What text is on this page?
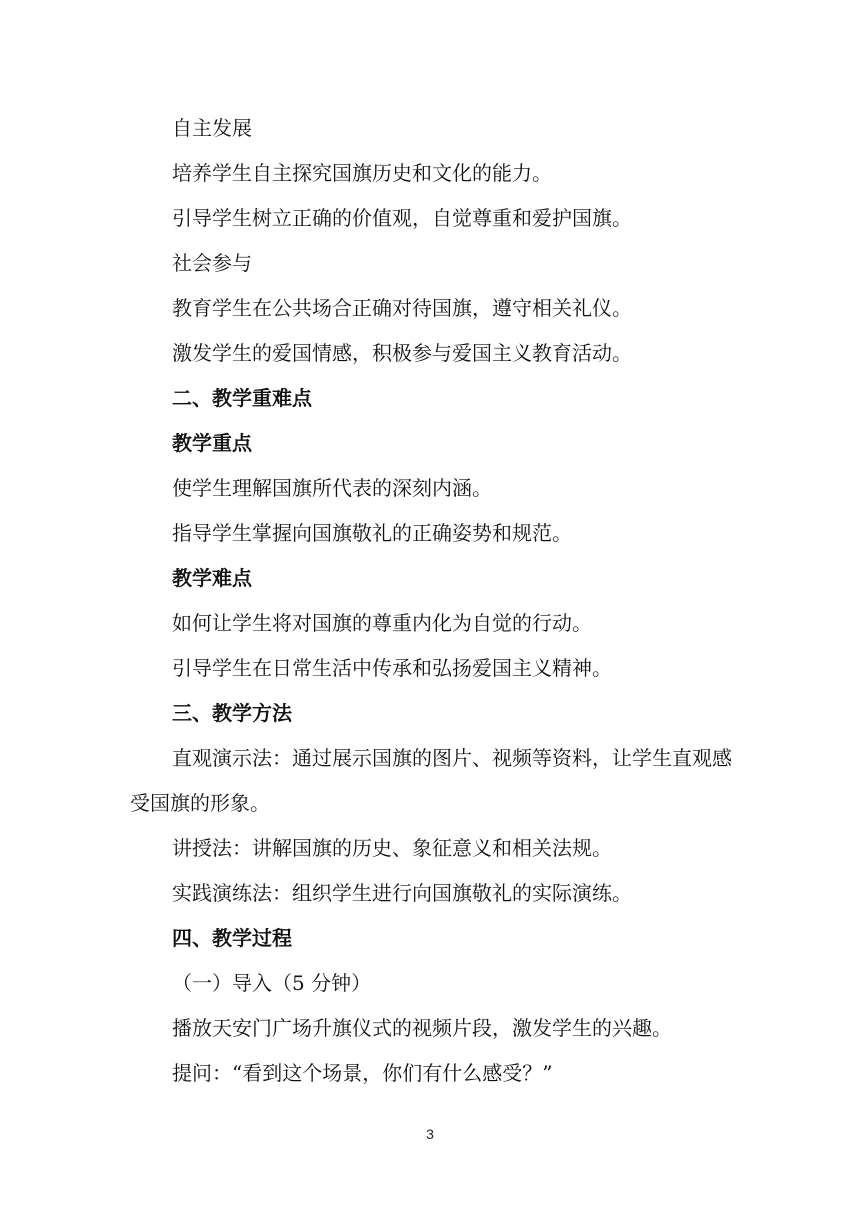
自主发展
培养学生自主探究国旗历史和文化的能力。
引导学生树立正确的价值观，自觉尊重和爱护国旗。
社会参与
教育学生在公共场合正确对待国旗，遵守相关礼仪。
激发学生的爱国情感，积极参与爱国主义教育活动。
二、教学重难点
教学重点
使学生理解国旗所代表的深刻内涵。
指导学生掌握向国旗敬礼的正确姿势和规范。
教学难点
如何让学生将对国旗的尊重内化为自觉的行动。
引导学生在日常生活中传承和弘扬爱国主义精神。
三、教学方法
直观演示法：通过展示国旗的图片、视频等资料，让学生直观感
受国旗的形象。
讲授法：讲解国旗的历史、象征意义和相关法规。
实践演练法：组织学生进行向国旗敬礼的实际演练。
四、教学过程
（一）导入（5 分钟）
播放天安门广场升旗仪式的视频片段，激发学生的兴趣。
提问：“看到这个场景，你们有什么感受？”
3
